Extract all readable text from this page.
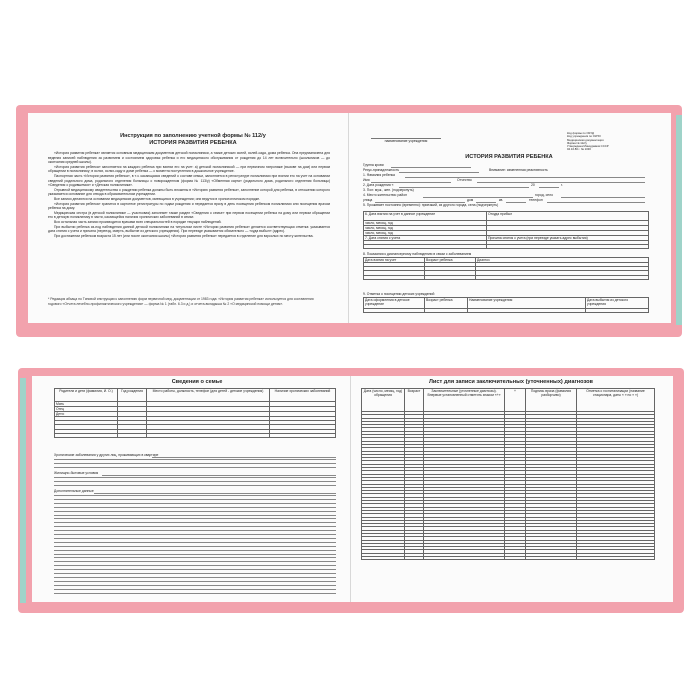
Инструкция по заполнению учетной формы № 112/у
ИСТОРИЯ РАЗВИТИЯ РЕБЕНКА
«История развития ребенка» является основным медицинским документом детской поликлиники, а также детских яслей, яслей-сада, дома ребенка. Она предназначена для ведения записей наблюдения за развитием и состоянием здоровья ребенка и его медицинского обслуживания от рождения до 14 лет включительно (школьников — до окончания средней школы).
«История развития ребенка» заполняется на каждого ребенка при взятии его на учет: а) детской поликлиникой — при первичном патронаже (вызове на дом) или первом обращении в поликлинику; в яслях, яслях-саду и доме ребенка — с момента поступления в дошкольное учреждение.
Паспортная часть «Истории развития ребенка», в т.ч. касающаяся сведений о составе семьи, заполняется в регистратуре поликлиники при взятии его на учет на основании сведений родильного дома, родильного отделения больницы о новорожденном (форма № 113/у) «Обменная карта» (родильного дома, родильного отделения больницы) «Сведения о родившемся» и «Детская поликлиника».
Отрывной медицинскому свидетельства о рождении ребенка должны быть вложены в «Историю развития ребенка», заполнение которой для ребенка, в отношении которого указывается основание для отвода в образовательном учреждении.
Все записи делаются на основании медицинских документов, имеющихся в учреждении; они ведутся в хронологическом порядке.
«История развития ребенка» хранится в картотеке регистратуры по годам рождения и передается врачу в день посещения ребенком поликлиники или посещения врачом ребенка на дому.
Медицинская сестра (в детской поликлинике — участковая) заполняет также раздел «Сведения о семье» при первом посещении ребенка на дому или первом обращении его в детскую поликлинику в части, касающейся наличия хронических заболеваний в семье.
Вся остальная часть записи производится врачами всех специальностей в порядке текущих наблюдений.
При выбытии ребенка из-под наблюдения данной детской поликлиники на титульном листе «Истории развития ребенка» делается соответствующая отметка: указывается дата снятия с учета и причина (переезд, смерть, выбытие из детского учреждения). При переезде указывается обязательно — «куда выбыл» (адрес).
При достижении ребенком возраста 15 лет (или после окончания школы) «История развития ребенка» передается в отделение для взрослых по месту жительства.
* Редакция абзаца по Типовой инструкции к заполнению форм первичной мед. документации от 1983 года: «История развития ребенка» используется для составления годового «Отчета лечебно-профилактического учреждения» — форма № 1 (табл. 6.3 и д.) и отчета-вкладыша № 2 «О медицинской помощи детям».
наименование учреждения
Код формы по ОКУД
Код учреждения по ОКПО
Медицинская документация
Форма № 112/у
Утверждена Минздравом СССР
04.10.80 г. № 1030
ИСТОРИЯ РАЗВИТИЯ РЕБЕНКА
Группа крови
Резус-принадлежность	Внимание: измененная реактивность
1. Фамилия ребенка
Имя	Отчество
2. Дата рождения «	20	г.
3. Пол: муж., жен. (подчеркнуть)
4. Место жительства: район	город, село
улица	дом	кв.	телефон
5. Проживает постоянно (временно): приезжий, из другого города, села (подчеркнуть)
6. Дата взятия на учет в данное учреждение	Откуда прибыл
число, месяц, год	
число, месяц, год	
число, месяц, год	
7. Дата снятия с учета	Причина снятия с учета (при переезде указать адрес выбытия)

8. Показания к диспансерному наблюдению в связи с заболеванием
Дата взятия на учет	Возраст ребенка	Диагноз

9. Отметка о посещении детских учреждений
Дата оформления в детское учреждение	Возраст ребенка	Наименование учреждения	Дата выбытия из детского учреждения

Сведения о семье
Родители и дети (фамилия, И. О.)	Год рождения	Место работы, должность, телефон (для детей - детские учреждения)	Наличие хронических заболеваний
Мать			
Отец			
Дети:			

Хронические заболевания у других лиц, проживающих в квартире
Жилищно-бытовые условия
Дополнительные данные
Лист для записи заключительных (уточненных) диагнозов
Дата (число, месяц, год) обращения	Возраст	Заключительные (уточненные диагнозы). Впервые установленный отметить знаком «+»	+	Подпись врача (фамилия разборчиво)	Отметка о госпитализации (название стационара, даты « » по « »)
